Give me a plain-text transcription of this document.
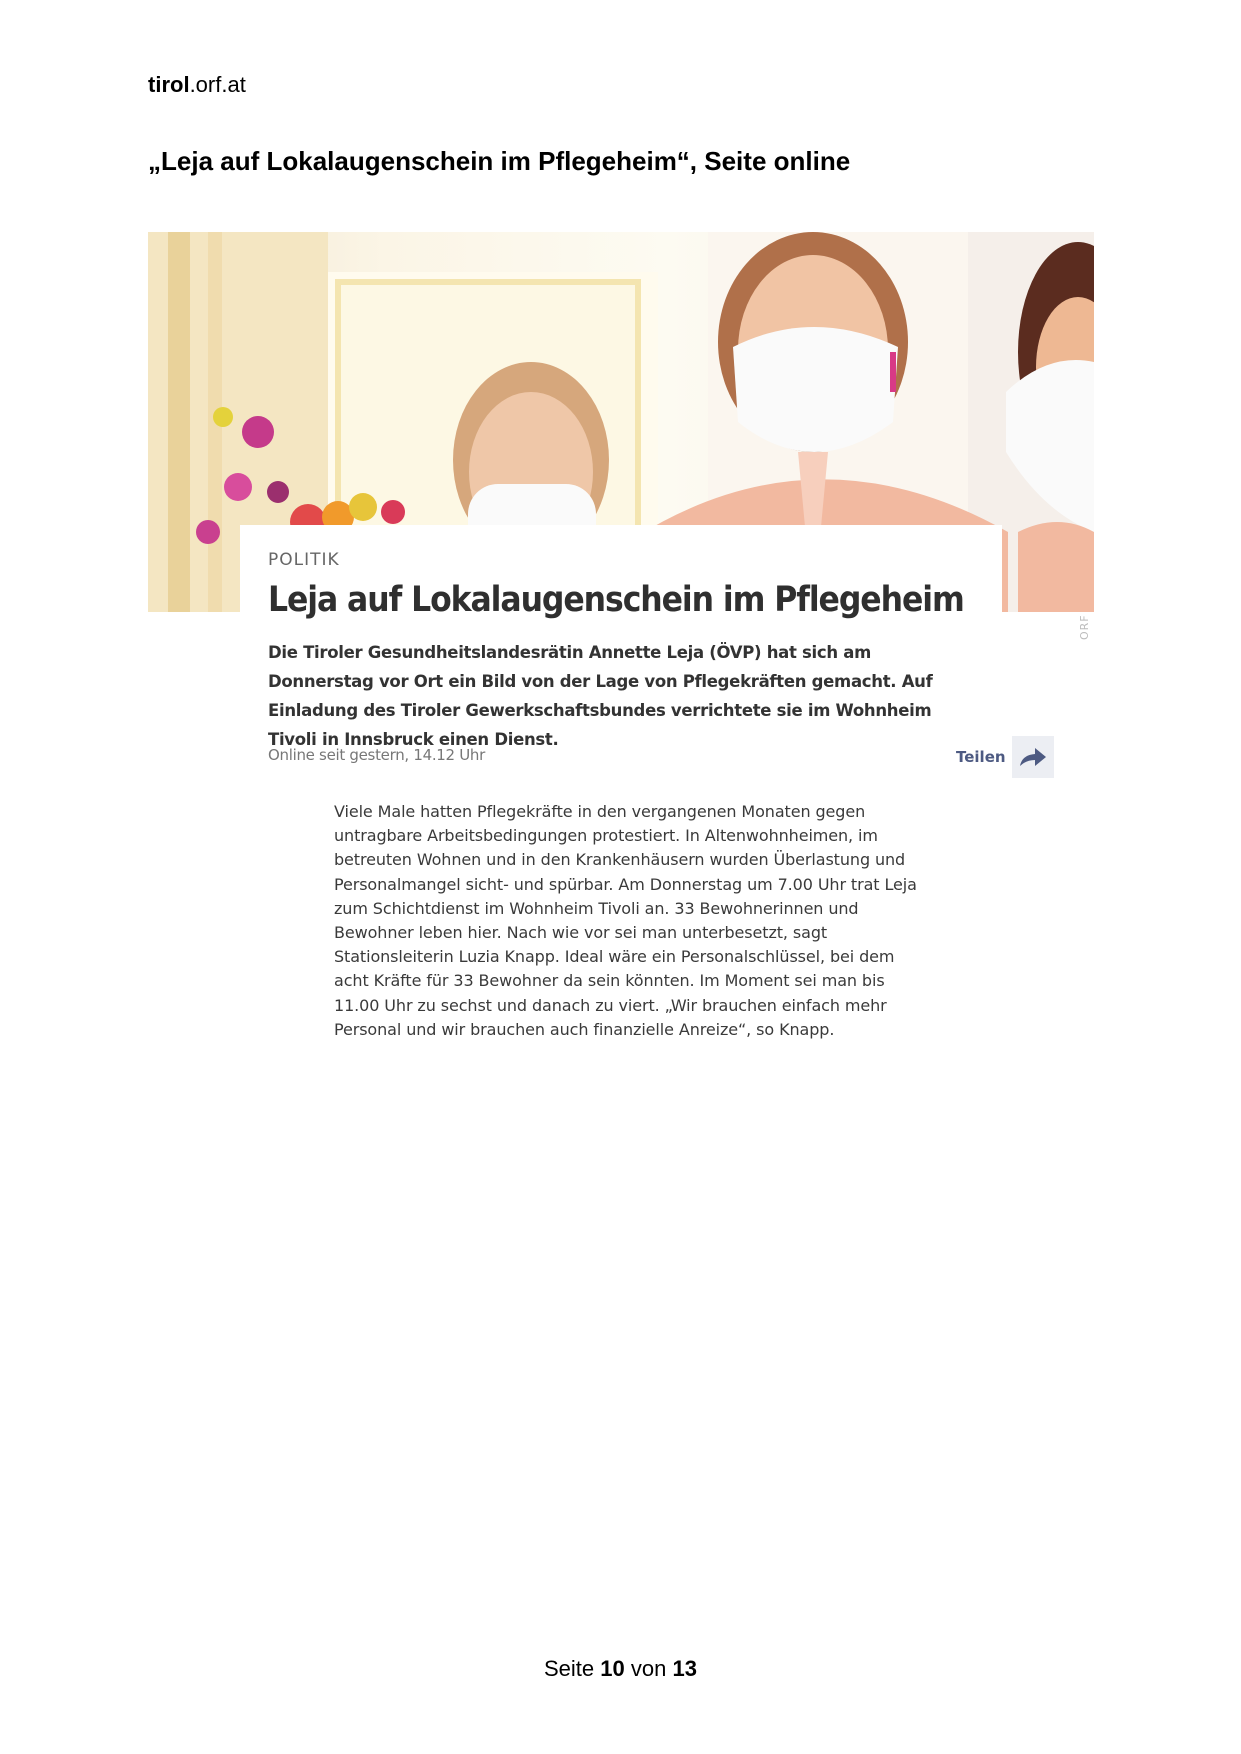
tirol.orf.at
„Leja auf Lokalaugenschein im Pflegeheim“, Seite online
POLITIK
Leja auf Lokalaugenschein im Pflegeheim
Die Tiroler Gesundheitslandesrätin Annette Leja (ÖVP) hat sich am Donnerstag vor Ort ein Bild von der Lage von Pflegekräften gemacht. Auf Einladung des Tiroler Gewerkschaftsbundes verrichtete sie im Wohnheim Tivoli in Innsbruck einen Dienst.
ORF
Online seit gestern, 14.12 Uhr	Teilen
Viele Male hatten Pflegekräfte in den vergangenen Monaten gegen untragbare Arbeitsbedingungen protestiert. In Altenwohnheimen, im betreuten Wohnen und in den Krankenhäusern wurden Überlastung und Personalmangel sicht- und spürbar. Am Donnerstag um 7.00 Uhr trat Leja zum Schichtdienst im Wohnheim Tivoli an. 33 Bewohnerinnen und Bewohner leben hier. Nach wie vor sei man unterbesetzt, sagt Stationsleiterin Luzia Knapp. Ideal wäre ein Personalschlüssel, bei dem acht Kräfte für 33 Bewohner da sein könnten. Im Moment sei man bis 11.00 Uhr zu sechst und danach zu viert. „Wir brauchen einfach mehr Personal und wir brauchen auch finanzielle Anreize“, so Knapp.
Seite 10 von 13
